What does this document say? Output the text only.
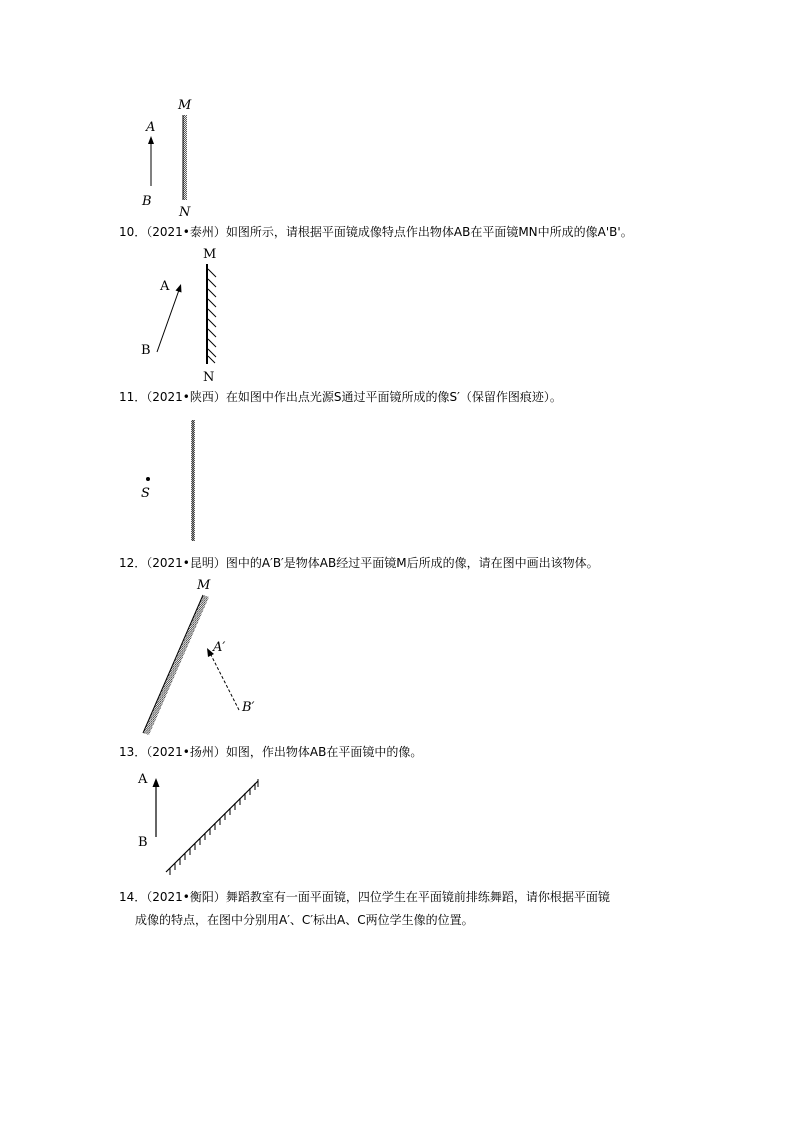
M
N
A
B
10．（2021•泰州）如图所示，请根据平面镜成像特点作出物体AB在平面镜MN中所成的像A'B'。
M
N
A
B
11．（2021•陕西）在如图中作出点光源S通过平面镜所成的像S′（保留作图痕迹）。
S
12．（2021•昆明）图中的A′B′是物体AB经过平面镜M后所成的像，请在图中画出该物体。
M
A′
B′
13．（2021•扬州）如图，作出物体AB在平面镜中的像。
A
B
14．（2021•衡阳）舞蹈教室有一面平面镜，四位学生在平面镜前排练舞蹈，请你根据平面镜
成像的特点，在图中分别用A′、C′标出A、C两位学生像的位置。
